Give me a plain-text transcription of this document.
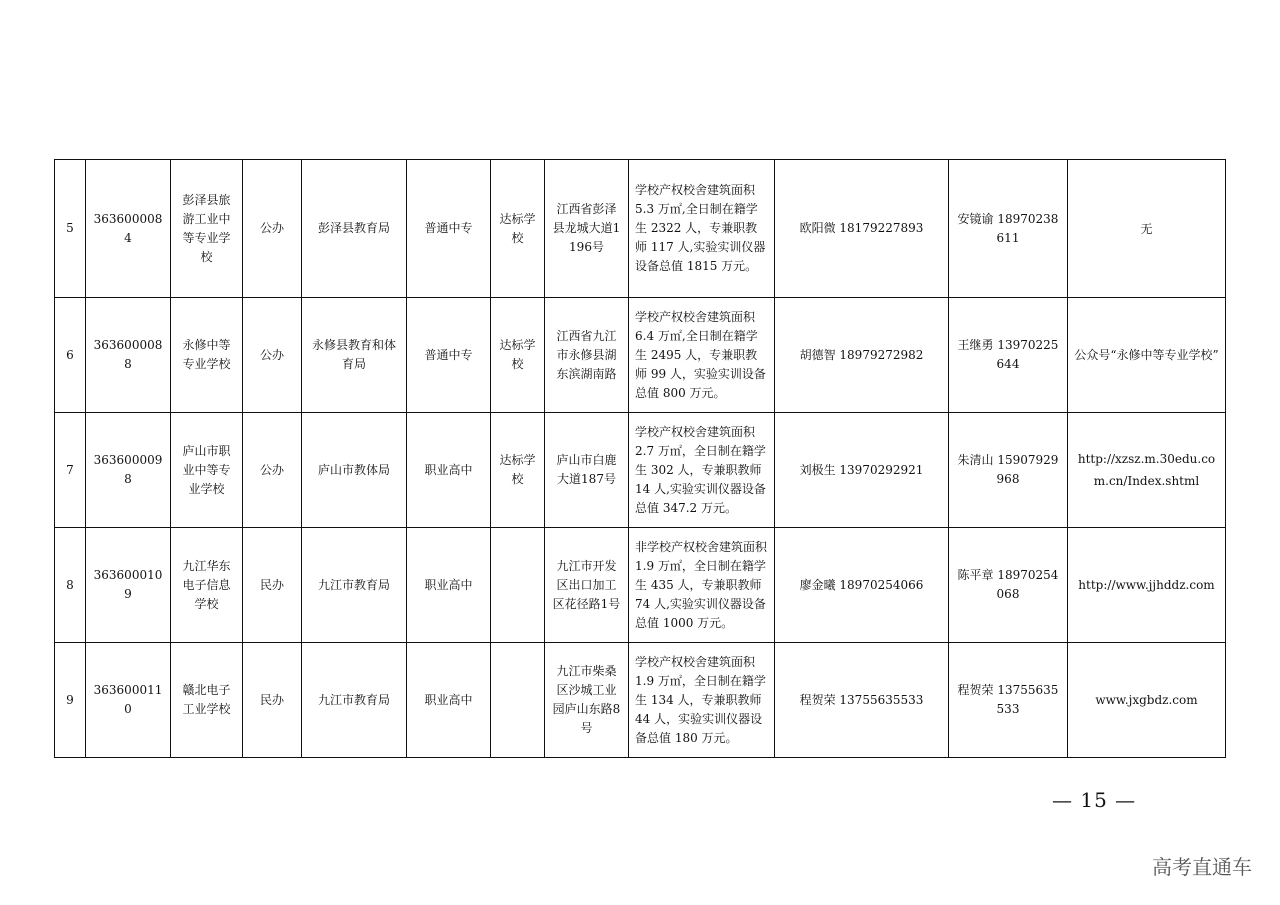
5	3636000084	彭泽县旅游工业中等专业学校	公办	彭泽县教育局	普通中专	达标学校	江西省彭泽县龙城大道1196号	学校产权校舍建筑面积 5.3 万㎡,全日制在籍学生 2322 人，专兼职教师 117 人,实验实训仪器设备总值 1815 万元。	欧阳微 18179227893	安镜谕 18970238611	无
6	3636000088	永修中等专业学校	公办	永修县教育和体育局	普通中专	达标学校	江西省九江市永修县湖东滨湖南路	学校产权校舍建筑面积 6.4 万㎡,全日制在籍学生 2495 人，专兼职教师 99 人，实验实训设备总值 800 万元。	胡德智 18979272982	王继勇 13970225644	公众号“永修中等专业学校”
7	3636000098	庐山市职业中等专业学校	公办	庐山市教体局	职业高中	达标学校	庐山市白鹿大道187号	学校产权校舍建筑面积 2.7 万㎡，全日制在籍学生 302 人，专兼职教师 14 人,实验实训仪器设备总值 347.2 万元。	刘极生 13970292921	朱清山 15907929968	http://xzsz.m.30edu.com.cn/Index.shtml
8	3636000109	九江华东电子信息学校	民办	九江市教育局	职业高中		九江市开发区出口加工区花径路1号	非学校产权校舍建筑面积 1.9 万㎡，全日制在籍学生 435 人，专兼职教师 74 人,实验实训仪器设备总值 1000 万元。	廖金曦 18970254066	陈平章 18970254068	http://www.jjhddz.com
9	3636000110	赣北电子工业学校	民办	九江市教育局	职业高中		九江市柴桑区沙城工业园庐山东路8号	学校产权校舍建筑面积 1.9 万㎡，全日制在籍学生 134 人，专兼职教师 44 人，实验实训仪器设备总值 180 万元。	程贺荣 13755635533	程贺荣 13755635533	www.jxgbdz.com
— 15 —
高考直通车
